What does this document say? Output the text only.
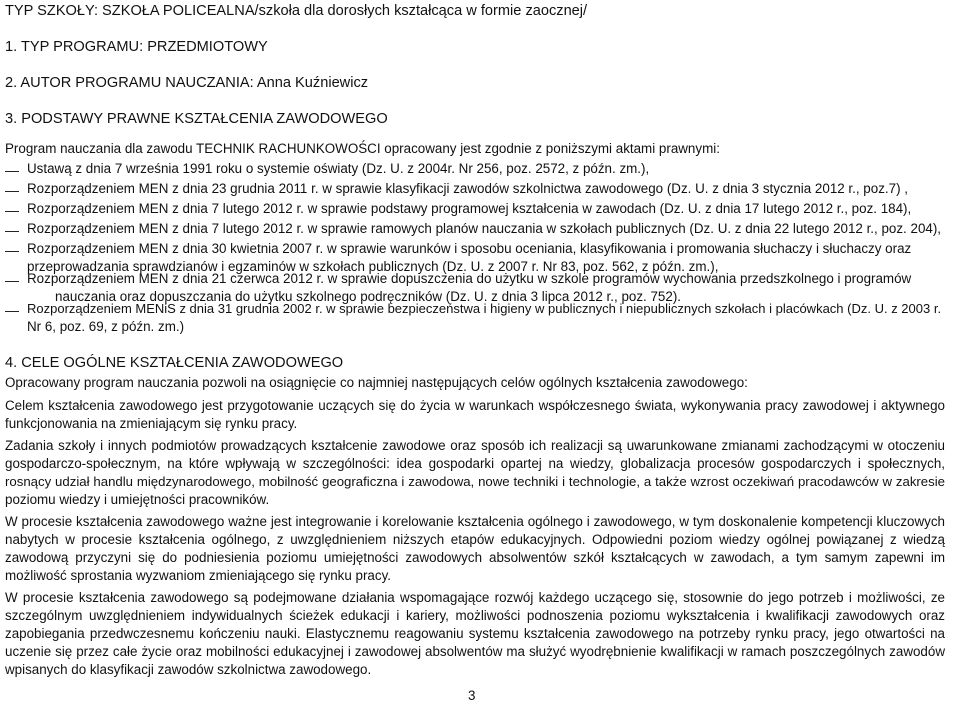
TYP SZKOŁY: SZKOŁA POLICEALNA/szkoła dla dorosłych kształcąca w formie zaocznej/
1. TYP PROGRAMU: PRZEDMIOTOWY
2. AUTOR PROGRAMU NAUCZANIA: Anna Kuźniewicz
3. PODSTAWY PRAWNE KSZTAŁCENIA ZAWODOWEGO
Program nauczania dla zawodu TECHNIK RACHUNKOWOŚCI opracowany jest zgodnie z poniższymi aktami prawnymi:
Ustawą z dnia 7 września 1991 roku o systemie oświaty (Dz. U. z 2004r. Nr 256, poz. 2572, z późn. zm.),
Rozporządzeniem MEN z dnia 23 grudnia 2011 r. w sprawie klasyfikacji zawodów szkolnictwa zawodowego (Dz. U. z dnia 3 stycznia 2012 r., poz.7) ,
Rozporządzeniem MEN z dnia 7 lutego 2012 r. w sprawie podstawy programowej kształcenia w zawodach (Dz. U. z dnia 17 lutego 2012 r., poz. 184),
Rozporządzeniem MEN z dnia 7 lutego 2012 r. w sprawie ramowych planów nauczania w szkołach publicznych (Dz. U. z dnia 22 lutego 2012 r., poz. 204),
Rozporządzeniem MEN z dnia 30 kwietnia 2007 r. w sprawie warunków i sposobu oceniania, klasyfikowania i promowania słuchaczy i słuchaczy oraz
przeprowadzania sprawdzianów i egzaminów w szkołach publicznych (Dz. U. z 2007 r. Nr 83, poz. 562, z późn. zm.),
Rozporządzeniem MEN z dnia 21 czerwca 2012 r. w sprawie dopuszczenia do użytku w szkole programów wychowania przedszkolnego i programów
nauczania oraz dopuszczania do użytku szkolnego podręczników (Dz. U. z dnia 3 lipca 2012 r., poz. 752).
Rozporządzeniem MENiS z dnia 31 grudnia 2002 r. w sprawie bezpieczeństwa i higieny w publicznych i niepublicznych szkołach i placówkach (Dz. U. z 2003 r.
Nr 6, poz. 69, z późn. zm.)
4. CELE OGÓLNE KSZTAŁCENIA ZAWODOWEGO
Opracowany program nauczania pozwoli na osiągnięcie co najmniej następujących celów ogólnych kształcenia zawodowego:
Celem kształcenia zawodowego jest przygotowanie uczących się do życia w warunkach współczesnego świata, wykonywania pracy zawodowej i aktywnego
funkcjonowania na zmieniającym się rynku pracy.
Zadania szkoły i innych podmiotów prowadzących kształcenie zawodowe oraz sposób ich realizacji są uwarunkowane zmianami zachodzącymi w otoczeniu
gospodarczo-społecznym, na które wpływają w szczególności: idea gospodarki opartej na wiedzy, globalizacja procesów gospodarczych i społecznych,
rosnący udział handlu międzynarodowego, mobilność geograficzna i zawodowa, nowe techniki i technologie, a także wzrost oczekiwań pracodawców w zakresie
poziomu wiedzy i umiejętności pracowników.
W procesie kształcenia zawodowego ważne jest integrowanie i korelowanie kształcenia ogólnego i zawodowego, w tym doskonalenie kompetencji kluczowych
nabytych w procesie kształcenia ogólnego, z uwzględnieniem niższych etapów edukacyjnych. Odpowiedni poziom wiedzy ogólnej powiązanej z wiedzą
zawodową przyczyni się do podniesienia poziomu umiejętności zawodowych absolwentów szkół kształcących w zawodach, a tym samym zapewni im
możliwość sprostania wyzwaniom zmieniającego się rynku pracy.
W procesie kształcenia zawodowego są podejmowane działania wspomagające rozwój każdego uczącego się, stosownie do jego potrzeb i możliwości, ze
szczególnym uwzględnieniem indywidualnych ścieżek edukacji i kariery, możliwości podnoszenia poziomu wykształcenia i kwalifikacji zawodowych oraz
zapobiegania przedwczesnemu kończeniu nauki. Elastycznemu reagowaniu systemu kształcenia zawodowego na potrzeby rynku pracy, jego otwartości na
uczenie się przez całe życie oraz mobilności edukacyjnej i zawodowej absolwentów ma służyć wyodrębnienie kwalifikacji w ramach poszczególnych zawodów
wpisanych do klasyfikacji zawodów szkolnictwa zawodowego.
3
